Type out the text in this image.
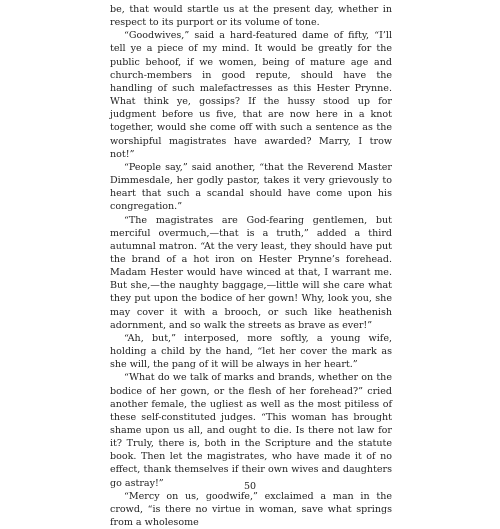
be, that would startle us at the present day, whether in respect to its purport or its volume of tone.

“Goodwives,” said a hard-featured dame of fifty, “I’ll tell ye a piece of my mind. It would be greatly for the public behoof, if we women, being of mature age and church-members in good repute, should have the handling of such malefactresses as this Hester Prynne. What think ye, gossips? If the hussy stood up for judgment before us five, that are now here in a knot together, would she come off with such a sentence as the worshipful magistrates have awarded? Marry, I trow not!”

“People say,” said another, “that the Reverend Master Dimmesdale, her godly pastor, takes it very grievously to heart that such a scandal should have come upon his congregation.”

“The magistrates are God-fearing gentlemen, but merciful overmuch,—that is a truth,” added a third autumnal matron. “At the very least, they should have put the brand of a hot iron on Hester Prynne’s forehead. Madam Hester would have winced at that, I warrant me. But she,—the naughty baggage,—little will she care what they put upon the bodice of her gown! Why, look you, she may cover it with a brooch, or such like heathenish adornment, and so walk the streets as brave as ever!”

“Ah, but,” interposed, more softly, a young wife, holding a child by the hand, “let her cover the mark as she will, the pang of it will be always in her heart.”

“What do we talk of marks and brands, whether on the bodice of her gown, or the flesh of her forehead?” cried another female, the ugliest as well as the most pitiless of these self-constituted judges. “This woman has brought shame upon us all, and ought to die. Is there not law for it? Truly, there is, both in the Scripture and the statute book. Then let the magistrates, who have made it of no effect, thank themselves if their own wives and daughters go astray!”

“Mercy on us, goodwife,” exclaimed a man in the crowd, “is there no virtue in woman, save what springs from a wholesome

50
